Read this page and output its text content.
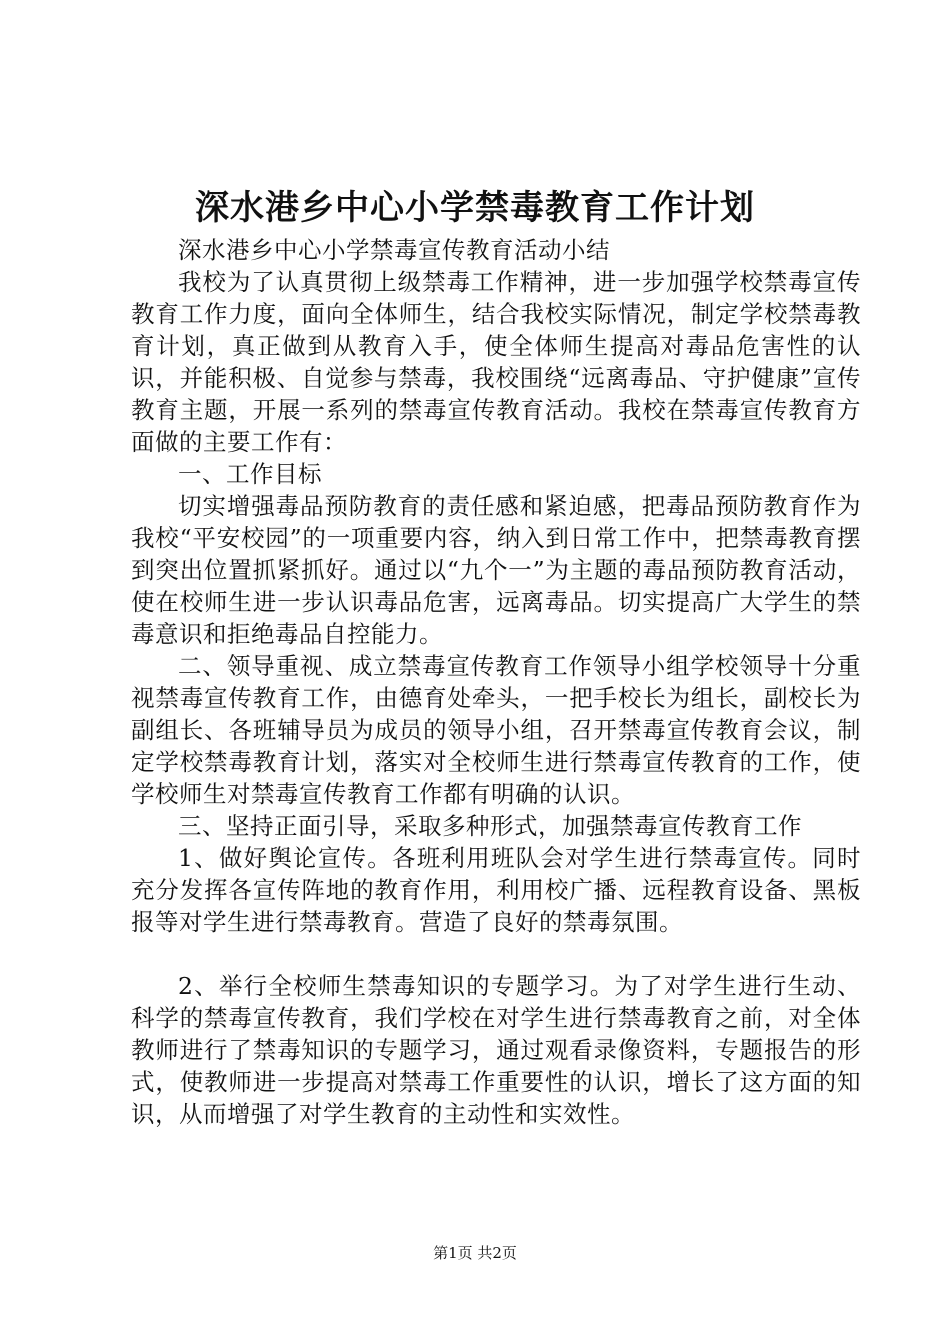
深水港乡中心小学禁毒教育工作计划

深水港乡中心小学禁毒宣传教育活动小结

我校为了认真贯彻上级禁毒工作精神，进一步加强学校禁毒宣传教育工作力度，面向全体师生，结合我校实际情况，制定学校禁毒教育计划，真正做到从教育入手，使全体师生提高对毒品危害性的认识，并能积极、自觉参与禁毒，我校围绕“远离毒品、守护健康”宣传教育主题，开展一系列的禁毒宣传教育活动。我校在禁毒宣传教育方面做的主要工作有：

一、工作目标

切实增强毒品预防教育的责任感和紧迫感，把毒品预防教育作为我校“平安校园”的一项重要内容，纳入到日常工作中，把禁毒教育摆到突出位置抓紧抓好。通过以“九个一”为主题的毒品预防教育活动，使在校师生进一步认识毒品危害，远离毒品。切实提高广大学生的禁毒意识和拒绝毒品自控能力。

二、领导重视、成立禁毒宣传教育工作领导小组学校领导十分重视禁毒宣传教育工作，由德育处牵头，一把手校长为组长，副校长为副组长、各班辅导员为成员的领导小组，召开禁毒宣传教育会议，制定学校禁毒教育计划，落实对全校师生进行禁毒宣传教育的工作，使学校师生对禁毒宣传教育工作都有明确的认识。

三、坚持正面引导，采取多种形式，加强禁毒宣传教育工作

1、做好舆论宣传。各班利用班队会对学生进行禁毒宣传。同时充分发挥各宣传阵地的教育作用，利用校广播、远程教育设备、黑板报等对学生进行禁毒教育。营造了良好的禁毒氛围。

2、举行全校师生禁毒知识的专题学习。为了对学生进行生动、科学的禁毒宣传教育，我们学校在对学生进行禁毒教育之前，对全体教师进行了禁毒知识的专题学习，通过观看录像资料，专题报告的形式，使教师进一步提高对禁毒工作重要性的认识，增长了这方面的知识，从而增强了对学生教育的主动性和实效性。

第1页 共2页
